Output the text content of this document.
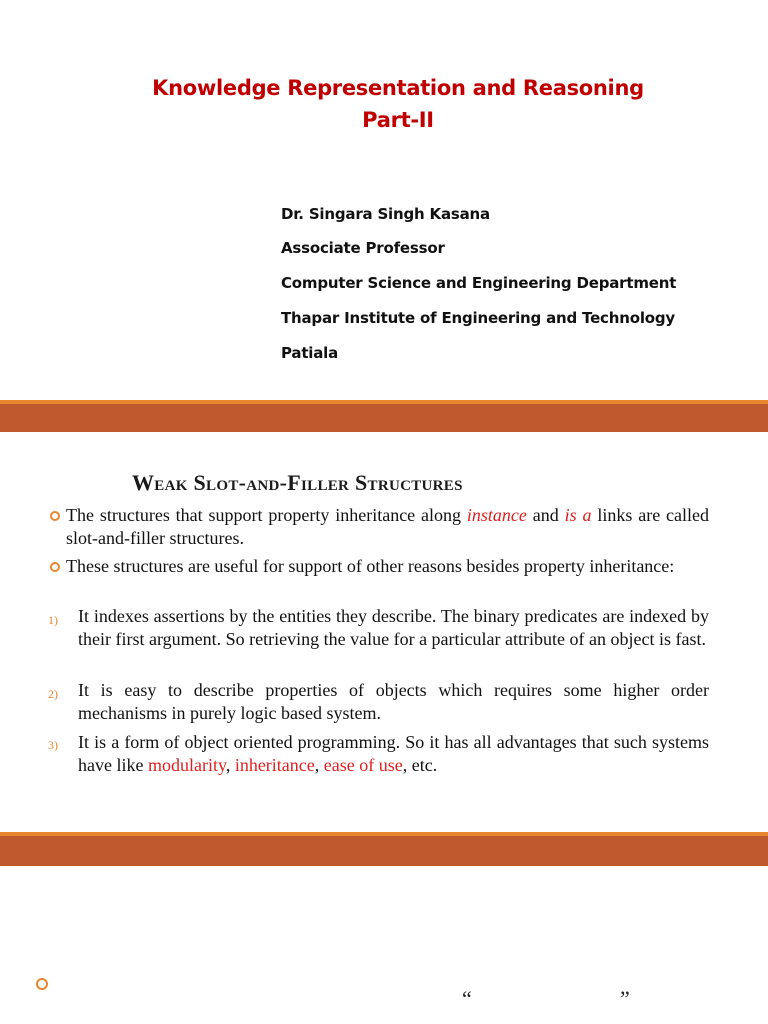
Knowledge Representation and Reasoning
Part-II
Dr. Singara Singh Kasana
Associate Professor
Computer Science and Engineering Department
Thapar Institute of Engineering and Technology
Patiala
Weak Slot-and-Filler Structures
The structures that support property inheritance along instance and is a links are called slot-and-filler structures.
These structures are useful for support of other reasons besides property inheritance:
1) It indexes assertions by the entities they describe. The binary predicates are indexed by their first argument. So retrieving the value for a particular attribute of an object is fast.
2) It is easy to describe properties of objects which requires some higher order mechanisms in purely logic based system.
3) It is a form of object oriented programming. So it has all advantages that such systems have like modularity, inheritance, ease of use, etc.
“	”
